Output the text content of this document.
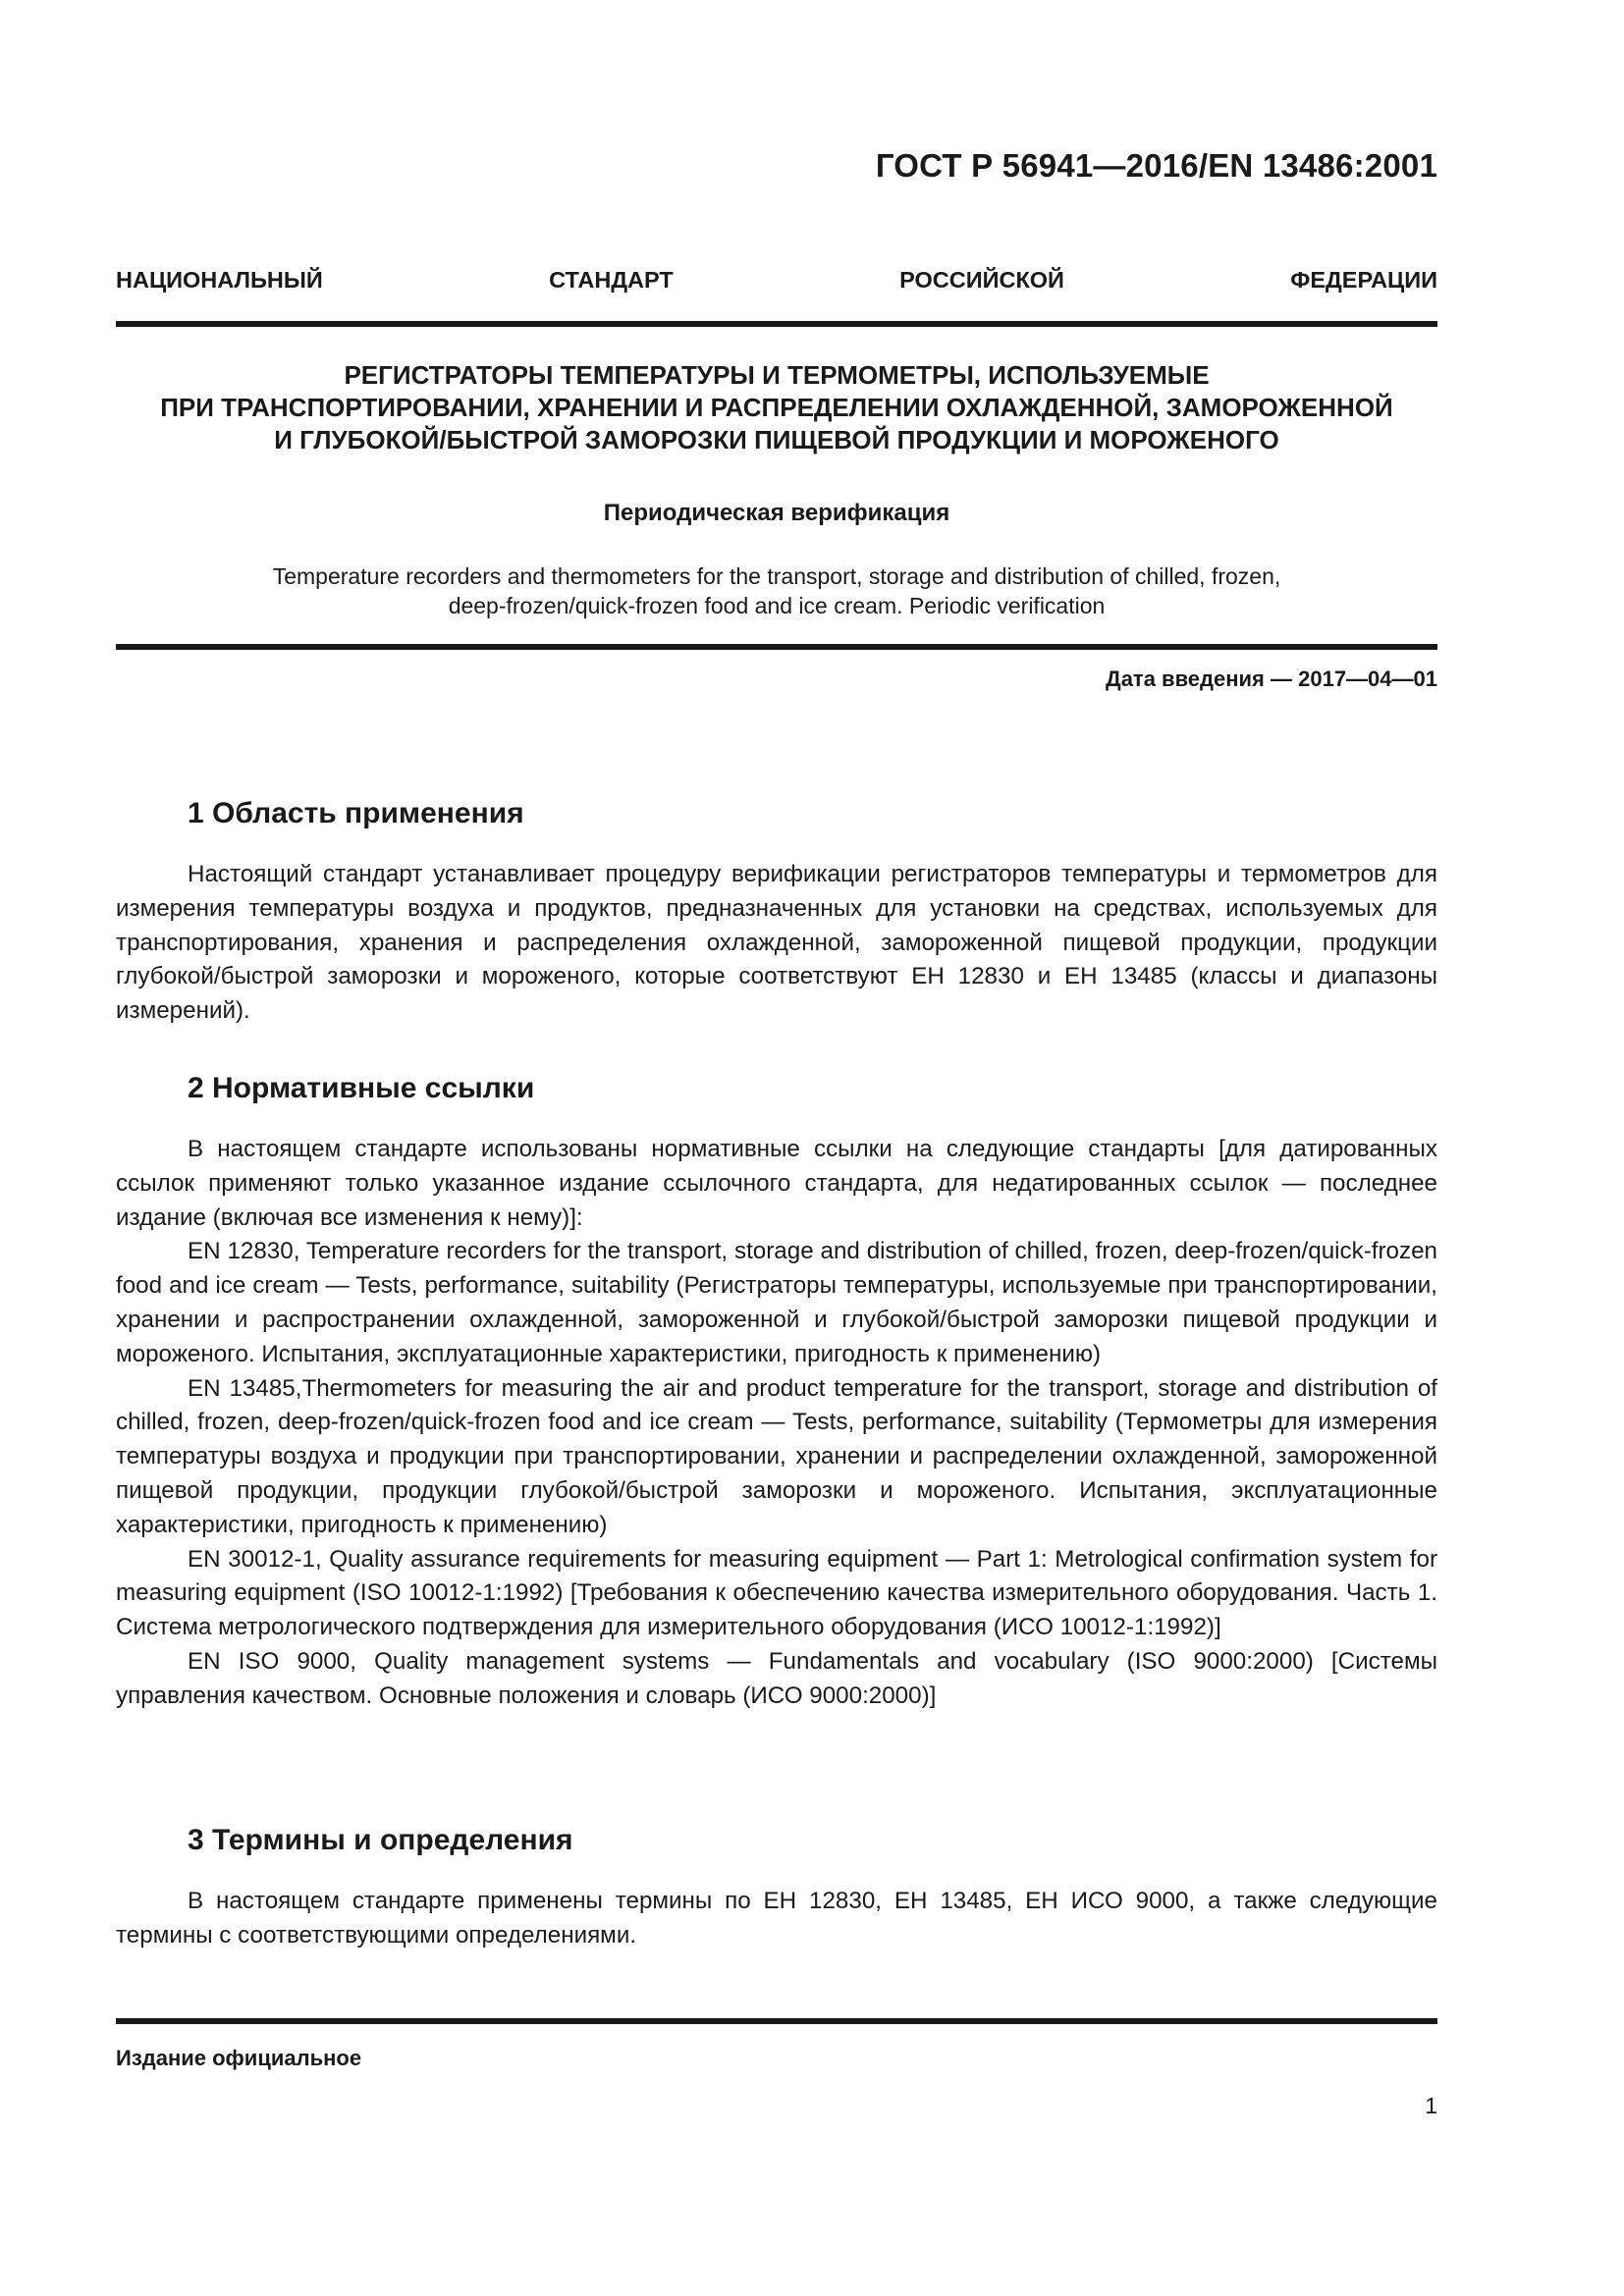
ГОСТ Р 56941—2016/EN 13486:2001
НАЦИОНАЛЬНЫЙ СТАНДАРТ РОССИЙСКОЙ ФЕДЕРАЦИИ
РЕГИСТРАТОРЫ ТЕМПЕРАТУРЫ И ТЕРМОМЕТРЫ, ИСПОЛЬЗУЕМЫЕ
ПРИ ТРАНСПОРТИРОВАНИИ, ХРАНЕНИИ И РАСПРЕДЕЛЕНИИ ОХЛАЖДЕННОЙ, ЗАМОРОЖЕННОЙ
И ГЛУБОКОЙ/БЫСТРОЙ ЗАМОРОЗКИ ПИЩЕВОЙ ПРОДУКЦИИ И МОРОЖЕНОГО
Периодическая верификация
Temperature recorders and thermometers for the transport, storage and distribution of chilled, frozen,
deep-frozen/quick-frozen food and ice cream. Periodic verification
Дата введения — 2017—04—01
1 Область применения

Настоящий стандарт устанавливает процедуру верификации регистраторов температуры и термометров для измерения температуры воздуха и продуктов, предназначенных для установки на средствах, используемых для транспортирования, хранения и распределения охлажденной, замороженной пищевой продукции, продукции глубокой/быстрой заморозки и мороженого, которые соответствуют ЕН 12830 и ЕН 13485 (классы и диапазоны измерений).

2 Нормативные ссылки

В настоящем стандарте использованы нормативные ссылки на следующие стандарты [для датированных ссылок применяют только указанное издание ссылочного стандарта, для недатированных ссылок — последнее издание (включая все изменения к нему)]:

EN 12830, Temperature recorders for the transport, storage and distribution of chilled, frozen, deep-frozen/quick-frozen food and ice cream — Tests, performance, suitability (Регистраторы температуры, используемые при транспортировании, хранении и распространении охлажденной, замороженной и глубокой/быстрой заморозки пищевой продукции и мороженого. Испытания, эксплуатационные характеристики, пригодность к применению)

EN 13485,Thermometers for measuring the air and product temperature for the transport, storage and distribution of chilled, frozen, deep-frozen/quick-frozen food and ice cream — Tests, performance, suitability (Термометры для измерения температуры воздуха и продукции при транспортировании, хранении и распределении охлажденной, замороженной пищевой продукции, продукции глубокой/быстрой заморозки и мороженого. Испытания, эксплуатационные характеристики, пригодность к применению)

EN 30012-1, Quality assurance requirements for measuring equipment — Part 1: Metrological confirmation system for measuring equipment (ISO 10012-1:1992) [Требования к обеспечению качества измерительного оборудования. Часть 1. Система метрологического подтверждения для измерительного оборудования (ИСО 10012-1:1992)]

EN ISO 9000, Quality management systems — Fundamentals and vocabulary (ISO 9000:2000) [Системы управления качеством. Основные положения и словарь (ИСО 9000:2000)]

3 Термины и определения

В настоящем стандарте применены термины по ЕН 12830, ЕН 13485, ЕН ИСО 9000, а также следующие термины с соответствующими определениями.

Издание официальное
1
